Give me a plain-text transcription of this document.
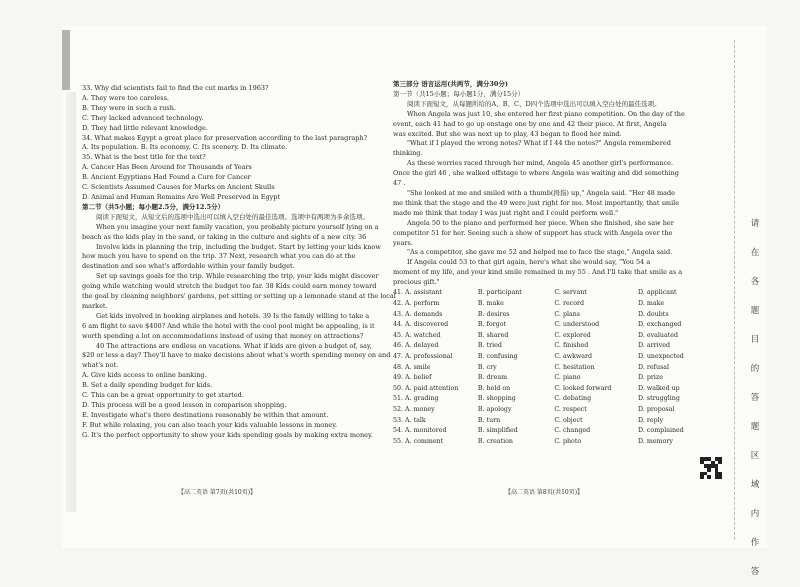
33. Why did scientists fail to find the cut marks in 1963?
A. They were too careless.
B. They were in such a rush.
C. They lacked advanced technology.
D. They had little relevant knowledge.
34. What makes Egypt a great place for preservation according to the last paragraph?
A. Its population. B. Its economy. C. Its scenery. D. Its climate.
35. What is the best title for the text?
A. Cancer Has Been Around for Thousands of Years
B. Ancient Egyptians Had Found a Cure for Cancer
C. Scientists Assumed Causes for Marks on Ancient Skulls
D. Animal and Human Remains Are Well Preserved in Egypt
第二节（共5小题；每小题2.5分，满分12.5分）
阅读下面短文，从短文后的选项中选出可以填入空白处的最佳选项。选项中有两项为多余选项。
When you imagine your next family vacation, you probably picture yourself lying on a
beach as the kids play in the sand, or taking in the culture and sights of a new city. 36
Involve kids in planning the trip, including the budget. Start by letting your kids know
how much you have to spend on the trip. 37 Next, research what you can do at the
destination and see what's affordable within your family budget.
Set up savings goals for the trip. While researching the trip, your kids might discover
going while watching would stretch the budget too far. 38 Kids could earn money toward
the goal by cleaning neighbors' gardens, pet sitting or setting up a lemonade stand at the local
market.
Get kids involved in booking airplanes and hotels. 39 Is the family willing to take a
6 am flight to save $400? And while the hotel with the cool pool might be appealing, is it
worth spending a lot on accommodations instead of using that money on attractions?
40 The attractions are endless on vacations. What if kids are given a budget of, say,
$20 or less a day? They'll have to make decisions about what's worth spending money on and
what's not.
A. Give kids access to online banking.
B. Set a daily spending budget for kids.
C. This can be a great opportunity to get started.
D. This process will be a good lesson in comparison shopping.
E. Investigate what's there destinations reasonably be within that amount.
F. But while relaxing, you can also teach your kids valuable lessons in money.
G. It's the perfect opportunity to show your kids spending goals by making extra money.
【高二英语 第7页(共10页)】
第三部分 语言运用(共两节，满分30分)
第一节（共15小题；每小题1分，满分15分）
阅读下面短文，从每题所给的A、B、C、D四个选项中选出可以填入空白处的最佳选项。
When Angela was just 10, she entered her first piano competition. On the day of the
event, each 41 had to go up onstage one by one and 42 their piece. At first, Angela
was excited. But she was next up to play, 43 began to flood her mind.
"What if I played the wrong notes? What if I 44 the notes?" Angela remembered
thinking.
As these worries raced through her mind, Angela 45 another girl's performance.
Once the girl 46 , she walked offstage to where Angela was waiting and did something
47 .
"She looked at me and smiled with a thumb(拇指) up," Angela said. "Her 48 made
me think that the stage and the 49 were just right for me. Most importantly, that smile
made me think that today I was just right and I could perform well."
Angela 50 to the piano and performed her piece. When she finished, she saw her
competitor 51 for her. Seeing such a show of support has stuck with Angela over the
years.
"As a competitor, she gave me 52 and helped me to face the stage," Angela said.
If Angela could 53 to that girl again, here's what she would say, "You 54 a
moment of my life, and your kind smile remained in my 55 . And I'll take that smile as a
precious gift."
41. A. assistant	B. participant	C. servant	D. applicant
42. A. perform	B. make	C. record	D. make
43. A. demands	B. desires	C. plans	D. doubts
44. A. discovered	B. forgot	C. understood	D. exchanged
45. A. watched	B. shared	C. explored	D. evaluated
46. A. delayed	B. tried	C. finished	D. arrived
47. A. professional	B. confusing	C. awkward	D. unexpected
48. A. smile	B. cry	C. hesitation	D. refusal
49. A. belief	B. dream	C. piano	D. prize
50. A. paid attention	B. held on	C. looked forward	D. walked up
51. A. grading	B. shopping	C. debating	D. struggling
52. A. money	B. apology	C. respect	D. proposal
53. A. talk	B. turn	C. object	D. reply
54. A. monitored	B. simplified	C. changed	D. complained
55. A. comment	B. creation	C. photo	D. memory
【高二英语 第8页(共10页)】
请
在
各
题
目
的
答
题
区
域
内
作
答
